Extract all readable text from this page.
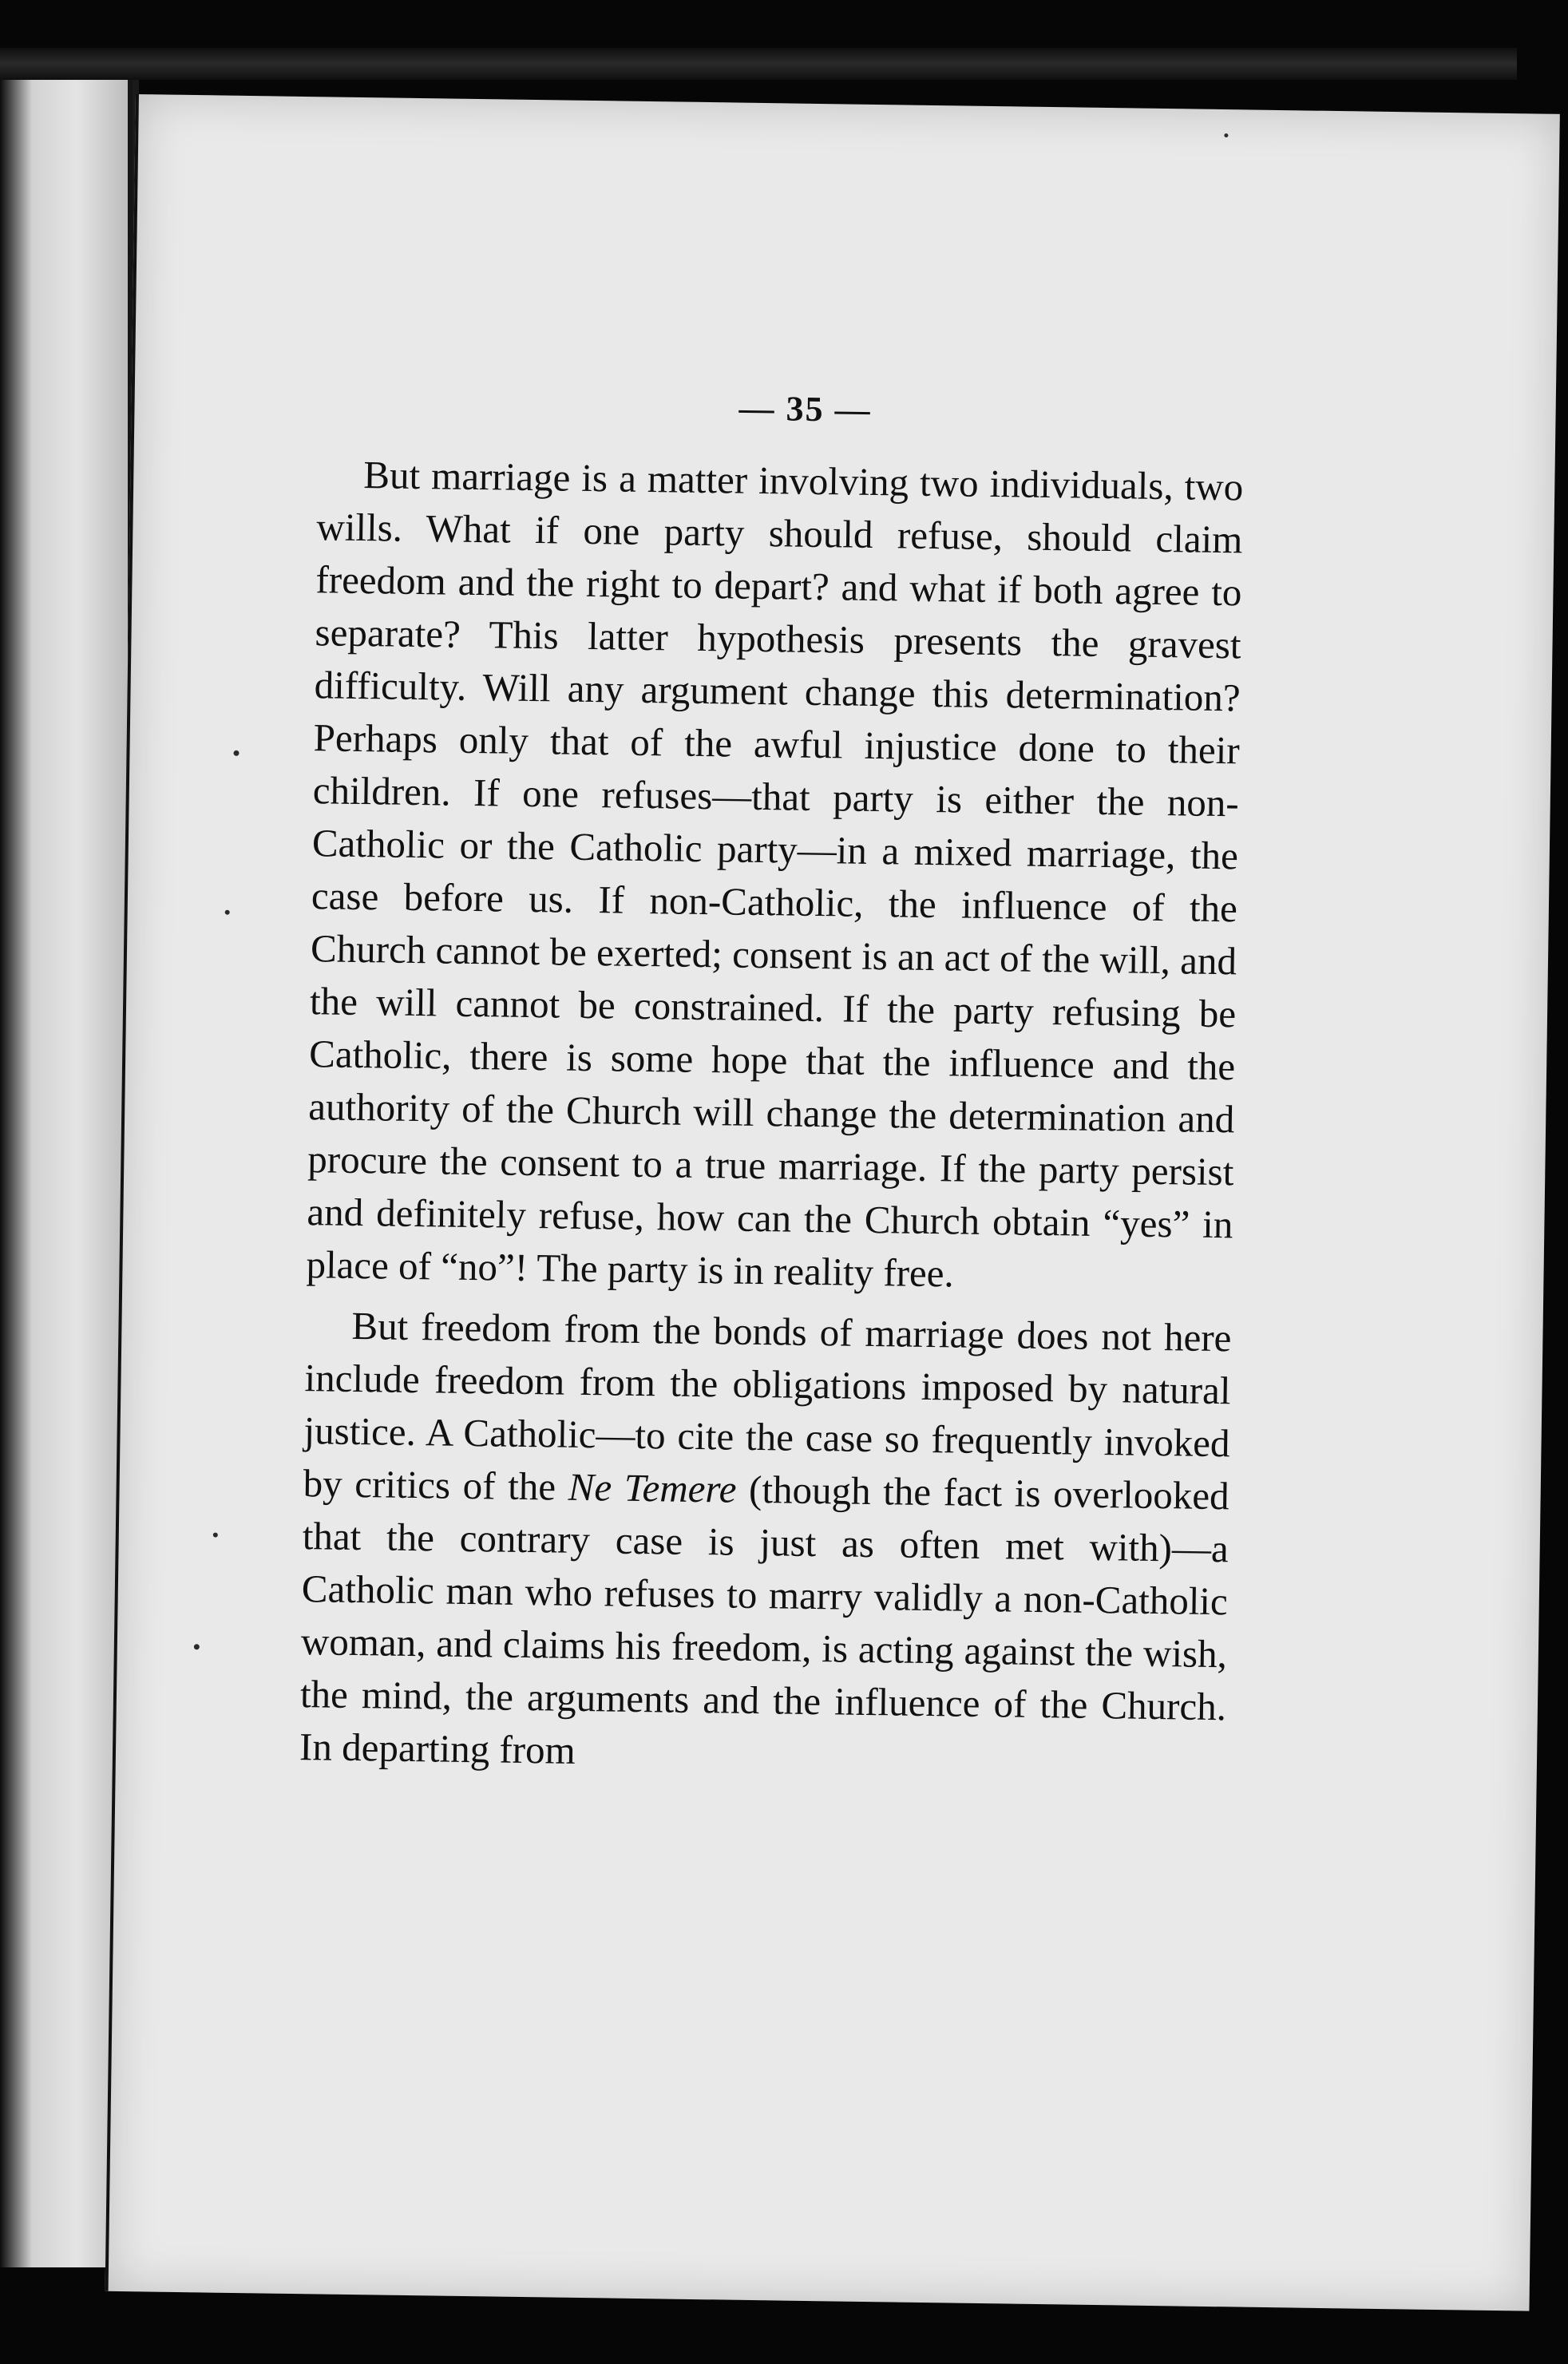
— 35 —

But marriage is a matter involving two individuals, two wills. What if one party should refuse, should claim freedom and the right to depart? and what if both agree to separate? This latter hypothesis presents the gravest difficulty. Will any argument change this determination? Perhaps only that of the awful injustice done to their children. If one refuses—that party is either the non-Catholic or the Catholic party—in a mixed marriage, the case before us. If non-Catholic, the influence of the Church cannot be exerted; consent is an act of the will, and the will cannot be constrained. If the party refusing be Catholic, there is some hope that the influence and the authority of the Church will change the determination and procure the consent to a true marriage. If the party persist and definitely refuse, how can the Church obtain “yes” in place of “no”! The party is in reality free.

But freedom from the bonds of marriage does not here include freedom from the obligations imposed by natural justice. A Catholic—to cite the case so frequently invoked by critics of the Ne Temere (though the fact is overlooked that the contrary case is just as often met with)—a Catholic man who refuses to marry validly a non-Catholic woman, and claims his freedom, is acting against the wish, the mind, the arguments and the influence of the Church. In departing from
